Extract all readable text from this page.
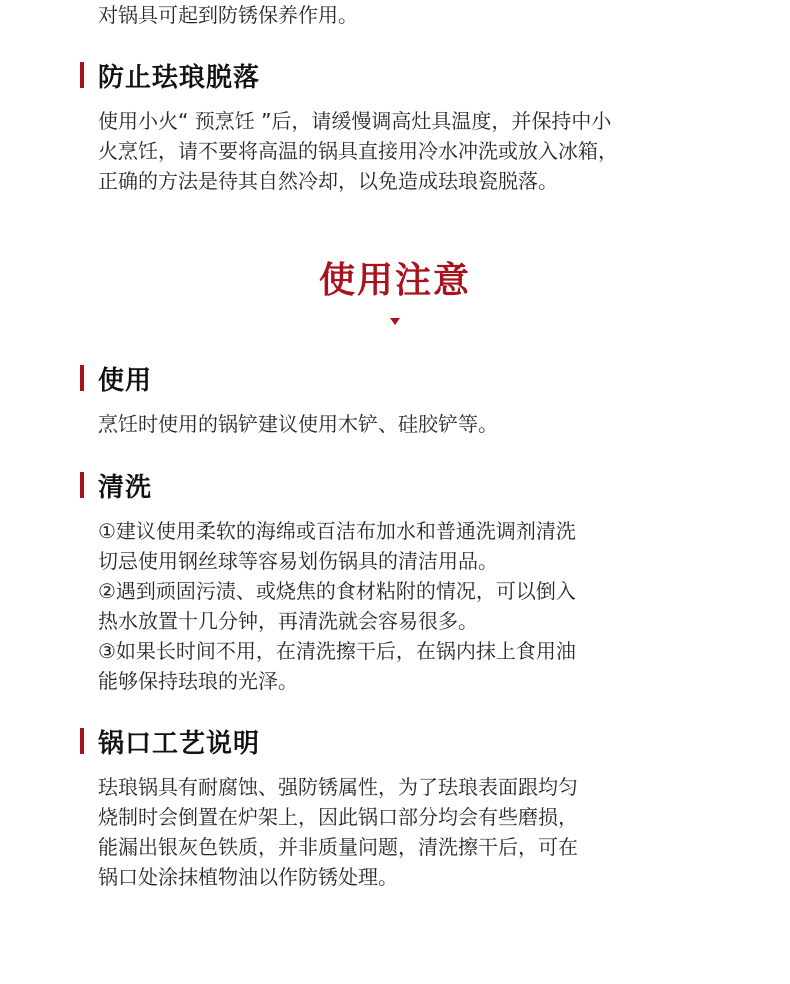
对锅具可起到防锈保养作用。

防止珐琅脱落

使用小火“ 预烹饪 ”后，请缓慢调高灶具温度，并保持中小

火烹饪，请不要将高温的锅具直接用冷水冲洗或放入冰箱，

正确的方法是待其自然冷却，以免造成珐琅瓷脱落。

使用注意
使用

烹饪时使用的锅铲建议使用木铲、硅胶铲等。

清洗

①建议使用柔软的海绵或百洁布加水和普通洗调剂清洗

切忌使用钢丝球等容易划伤锅具的清洁用品。

②遇到顽固污渍、或烧焦的食材粘附的情况，可以倒入

热水放置十几分钟，再清洗就会容易很多。

③如果长时间不用，在清洗擦干后，在锅内抹上食用油

能够保持珐琅的光泽。

锅口工艺说明

珐琅锅具有耐腐蚀、强防锈属性，为了珐琅表面跟均匀

烧制时会倒置在炉架上，因此锅口部分均会有些磨损，

能漏出银灰色铁质，并非质量问题，清洗擦干后，可在

锅口处涂抹植物油以作防锈处理。
